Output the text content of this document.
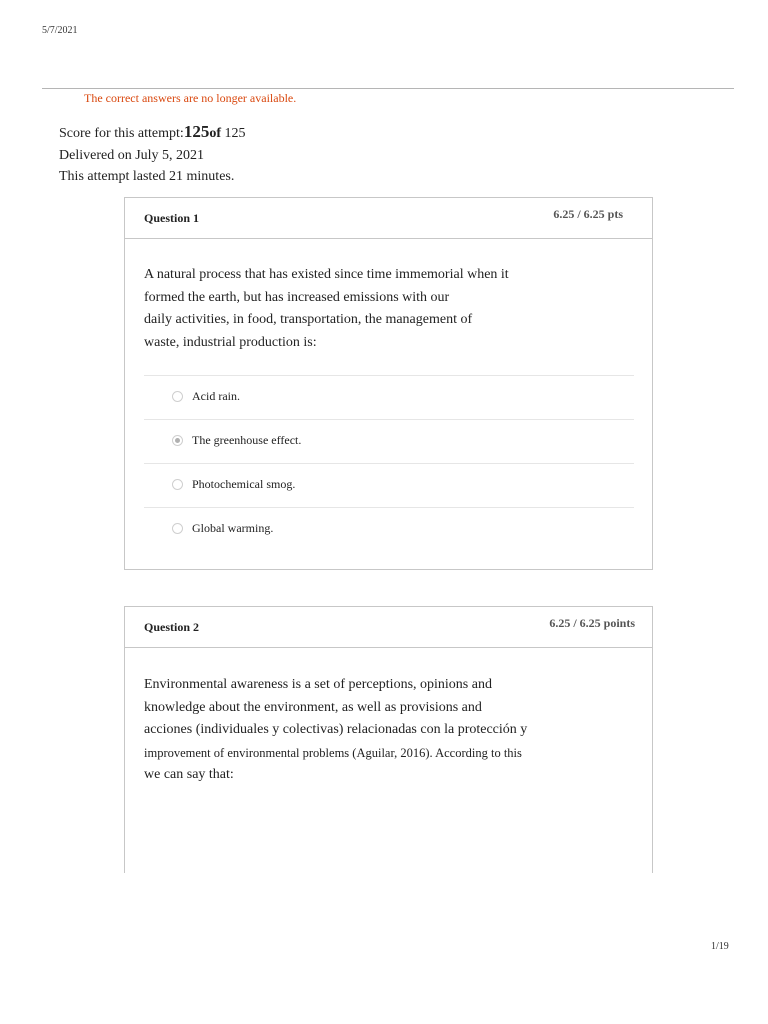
5/7/2021
The correct answers are no longer available.
Score for this attempt:125of 125
Delivered on July 5, 2021
This attempt lasted 21 minutes.
Question 1	6.25 / 6.25 pts
A natural process that has existed since time immemorial when it
formed the earth, but has increased emissions with our
daily activities, in food, transportation, the management of
waste, industrial production is:
Acid rain.
The greenhouse effect.
Photochemical smog.
Global warming.
Question 2	6.25 / 6.25 points
Environmental awareness is a set of perceptions, opinions and
knowledge about the environment, as well as provisions and
acciones (individuales y colectivas) relacionadas con la protección y
improvement of environmental problems (Aguilar, 2016). According to this
we can say that:
1/19
